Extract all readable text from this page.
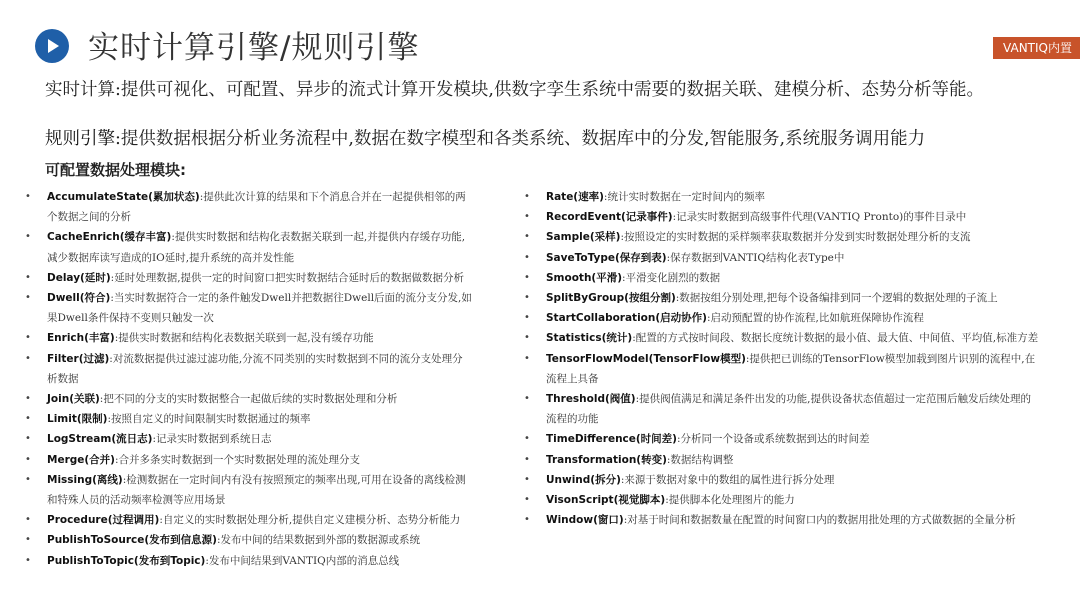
实时计算引擎/规则引擎	VANTIQ内置
实时计算:提供可视化、可配置、异步的流式计算开发模块,供数字孪生系统中需要的数据关联、建模分析、态势分析等能。
规则引擎:提供数据根据分析业务流程中,数据在数字模型和各类系统、数据库中的分发,智能服务,系统服务调用能力
可配置数据处理模块:
• AccumulateState(累加状态):提供此次计算的结果和下个消息合并在一起提供相邻的两个数据之间的分析
• CacheEnrich(缓存丰富):提供实时数据和结构化表数据关联到一起,并提供内存缓存功能,减少数据库读写造成的IO延时,提升系统的高并发性能
• Delay(延时):延时处理数据,提供一定的时间窗口把实时数据结合延时后的数据做数据分析
• Dwell(符合):当实时数据符合一定的条件触发Dwell并把数据往Dwell后面的流分支分发,如果Dwell条件保持不变则只触发一次
• Enrich(丰富):提供实时数据和结构化表数据关联到一起,没有缓存功能
• Filter(过滤):对流数据提供过滤过滤功能,分流不同类别的实时数据到不同的流分支处理分析数据
• Join(关联):把不同的分支的实时数据整合一起做后续的实时数据处理和分析
• Limit(限制):按照自定义的时间限制实时数据通过的频率
• LogStream(流日志):记录实时数据到系统日志
• Merge(合并):合并多条实时数据到一个实时数据处理的流处理分支
• Missing(离线):检测数据在一定时间内有没有按照预定的频率出现,可用在设备的离线检测和特殊人员的活动频率检测等应用场景
• Procedure(过程调用):自定义的实时数据处理分析,提供自定义建模分析、态势分析能力
• PublishToSource(发布到信息源):发布中间的结果数据到外部的数据源或系统
• PublishToTopic(发布到Topic):发布中间结果到VANTIQ内部的消息总线
• Rate(速率):统计实时数据在一定时间内的频率
• RecordEvent(记录事件):记录实时数据到高级事件代理(VANTIQ Pronto)的事件目录中
• Sample(采样):按照设定的实时数据的采样频率获取数据并分发到实时数据处理分析的支流
• SaveToType(保存到表):保存数据到VANTIQ结构化表Type中
• Smooth(平滑):平滑变化剧烈的数据
• SplitByGroup(按组分割):数据按组分别处理,把每个设备编排到同一个逻辑的数据处理的子流上
• StartCollaboration(启动协作):启动预配置的协作流程,比如航班保障协作流程
• Statistics(统计):配置的方式按时间段、数据长度统计数据的最小值、最大值、中间值、平均值,标准方差
• TensorFlowModel(TensorFlow模型):提供把已训练的TensorFlow模型加载到图片识别的流程中,在流程上具备
• Threshold(阀值):提供阀值满足和满足条件出发的功能,提供设备状态值超过一定范围后触发后续处理的流程的功能
• TimeDifference(时间差):分析同一个设备或系统数据到达的时间差
• Transformation(转变):数据结构调整
• Unwind(拆分):来源于数据对象中的数组的属性进行拆分处理
• VisonScript(视觉脚本):提供脚本化处理图片的能力
• Window(窗口):对基于时间和数据数量在配置的时间窗口内的数据用批处理的方式做数据的全量分析
